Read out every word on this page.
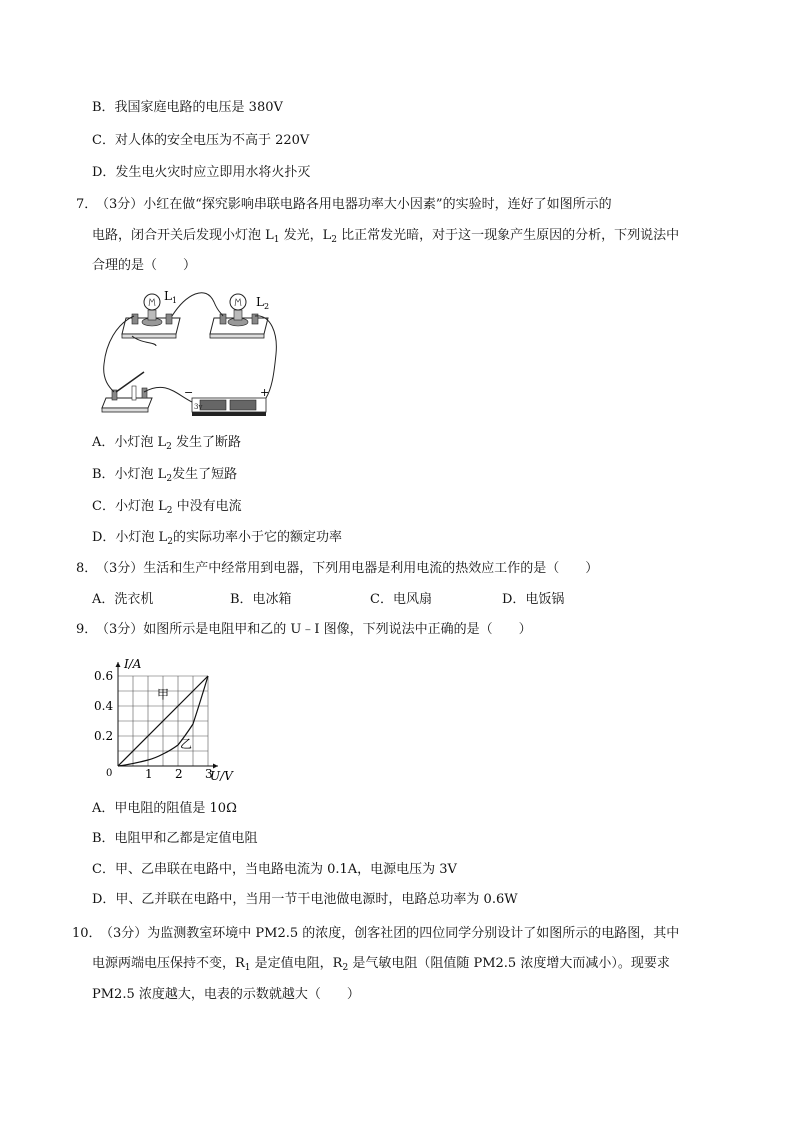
B．我国家庭电路的电压是 380V
C．对人体的安全电压为不高于 220V
D．发生电火灾时应立即用水将火扑灭
7．
（3分）小红在做“探究影响串联电路各用电器功率大小因素”的实验时，连好了如图所示的
电路，闭合开关后发现小灯泡 $L_1$ 发光，$L_2$ 比正常发光暗，对于这一现象产生原因的分析，下列说法中
合理的是（　　）
$L_1$	$L_2$
3v
−	+
A．小灯泡 $L_2$ 发生了断路
B．小灯泡 $L_2$发生了短路
C．小灯泡 $L_2$ 中没有电流
D．小灯泡 $L_2$的实际功率小于它的额定功率
8．
（3分）生活和生产中经常用到电器，下列用电器是利用电流的热效应工作的是（　　）
A．洗衣机	B．电冰箱	C．电风扇	D．电饭锅
9．
（3分）如图所示是电阻甲和乙的 U﹣I 图像，下列说法中正确的是（　　）
I/A
U/V
0	1 2 3
0.2
0.4
0.6
甲
乙
A．甲电阻的阻值是 10Ω
B．电阻甲和乙都是定值电阻
C．甲、乙串联在电路中，当电路电流为 0.1A，电源电压为 3V
D．甲、乙并联在电路中，当用一节干电池做电源时，电路总功率为 0.6W
10．
（3分）为监测教室环境中 PM2.5 的浓度，创客社团的四位同学分别设计了如图所示的电路图，其中
电源两端电压保持不变，$R_1$ 是定值电阻，$R_2$ 是气敏电阻（阻值随 PM2.5 浓度增大而减小）。现要求
PM2.5 浓度越大，电表的示数就越大（　　）
